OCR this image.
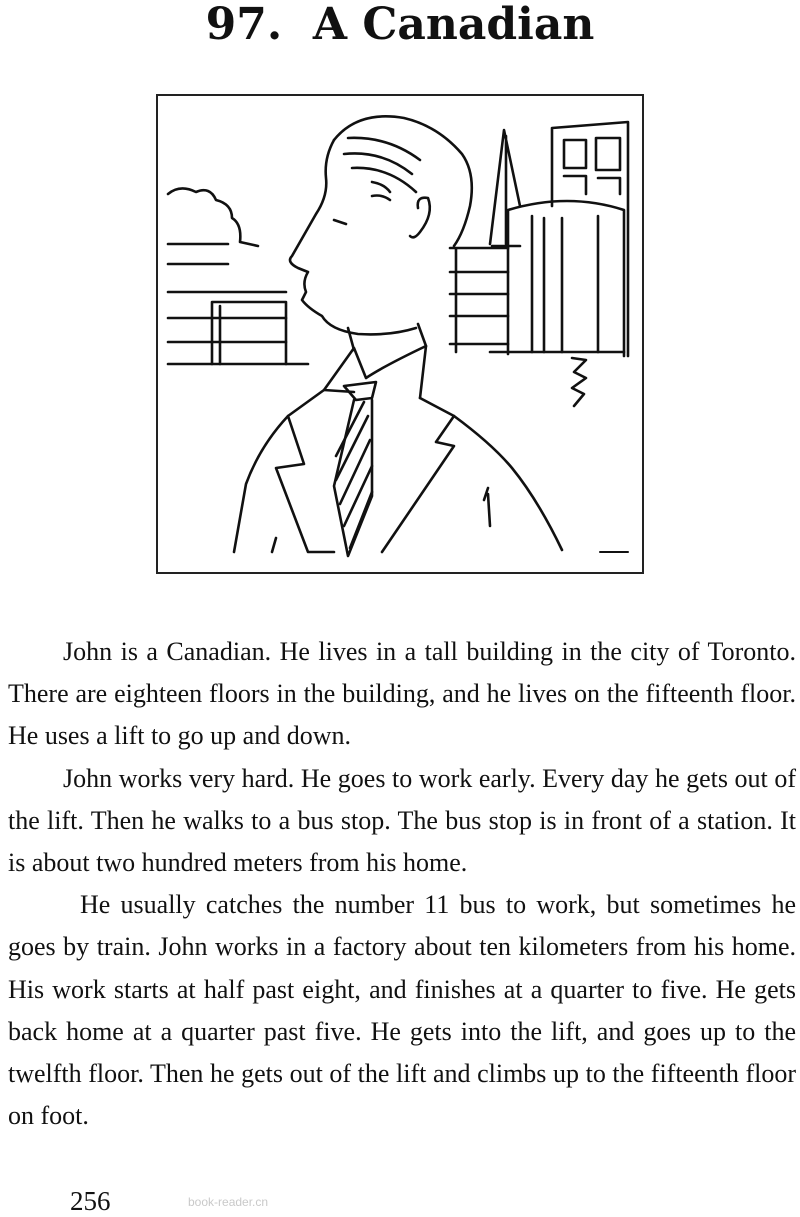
97.  A Canadian

John is a Canadian. He lives in a tall building in the city of Toronto. There are eighteen floors in the building, and he lives on the fifteenth floor. He uses a lift to go up and down.

John works very hard. He goes to work early. Every day he gets out of the lift. Then he walks to a bus stop. The bus stop is in front of a station. It is about two hundred meters from his home.

He usually catches the number 11 bus to work, but sometimes he goes by train. John works in a factory about ten kilometers from his home. His work starts at half past eight, and finishes at a quarter to five. He gets back home at a quarter past five. He gets into the lift, and goes up to the twelfth floor. Then he gets out of the lift and climbs up to the fifteenth floor on foot.

256	book-reader.cn
